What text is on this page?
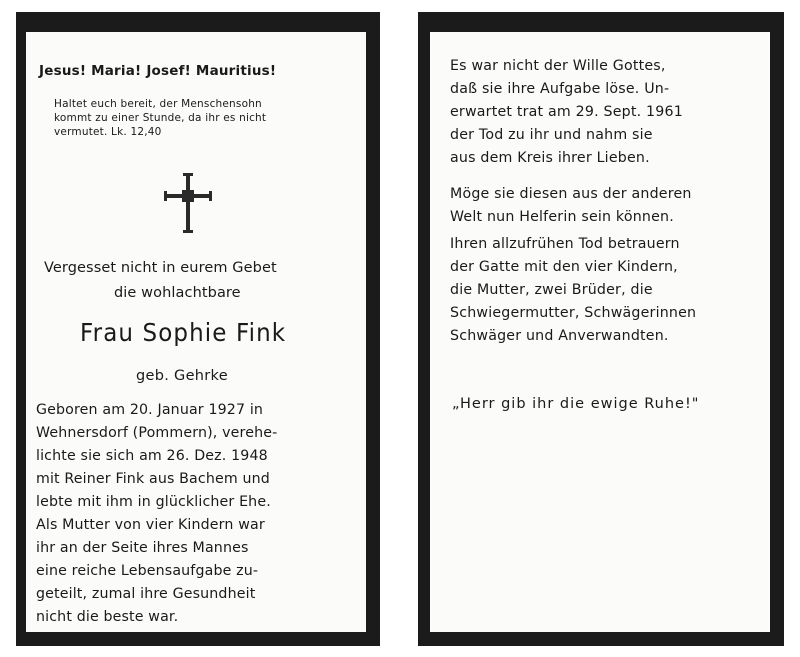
Jesus! Maria! Josef! Mauritius!
Haltet euch bereit, der Menschensohn
kommt zu einer Stunde, da ihr es nicht
vermutet. Lk. 12,40
Vergesset nicht in eurem Gebet
die wohlachtbare
Frau Sophie Fink
geb. Gehrke
Geboren am 20. Januar 1927 in
Wehnersdorf (Pommern), verehe-
lichte sie sich am 26. Dez. 1948
mit Reiner Fink aus Bachem und
lebte mit ihm in glücklicher Ehe.
Als Mutter von vier Kindern war
ihr an der Seite ihres Mannes
eine reiche Lebensaufgabe zu-
geteilt, zumal ihre Gesundheit
nicht die beste war.
Es war nicht der Wille Gottes,
daß sie ihre Aufgabe löse. Un-
erwartet trat am 29. Sept. 1961
der Tod zu ihr und nahm sie
aus dem Kreis ihrer Lieben.
Möge sie diesen aus der anderen
Welt nun Helferin sein können.
Ihren allzufrühen Tod betrauern
der Gatte mit den vier Kindern,
die Mutter, zwei Brüder, die
Schwiegermutter, Schwägerinnen
Schwäger und Anverwandten.
„Herr gib ihr die ewige Ruhe!"
